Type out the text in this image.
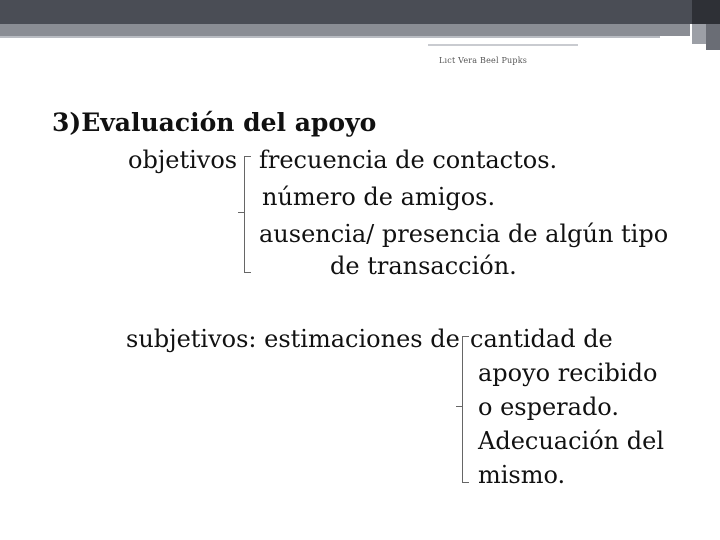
Lıct Vera Beel Pupks
3)Evaluación del apoyo
objetivos frecuencia de contactos.
número de amigos.
ausencia/ presencia de algún tipo
de transacción.
subjetivos: estimaciones de cantidad de
apoyo recibido
o esperado.
Adecuación del
mismo.
